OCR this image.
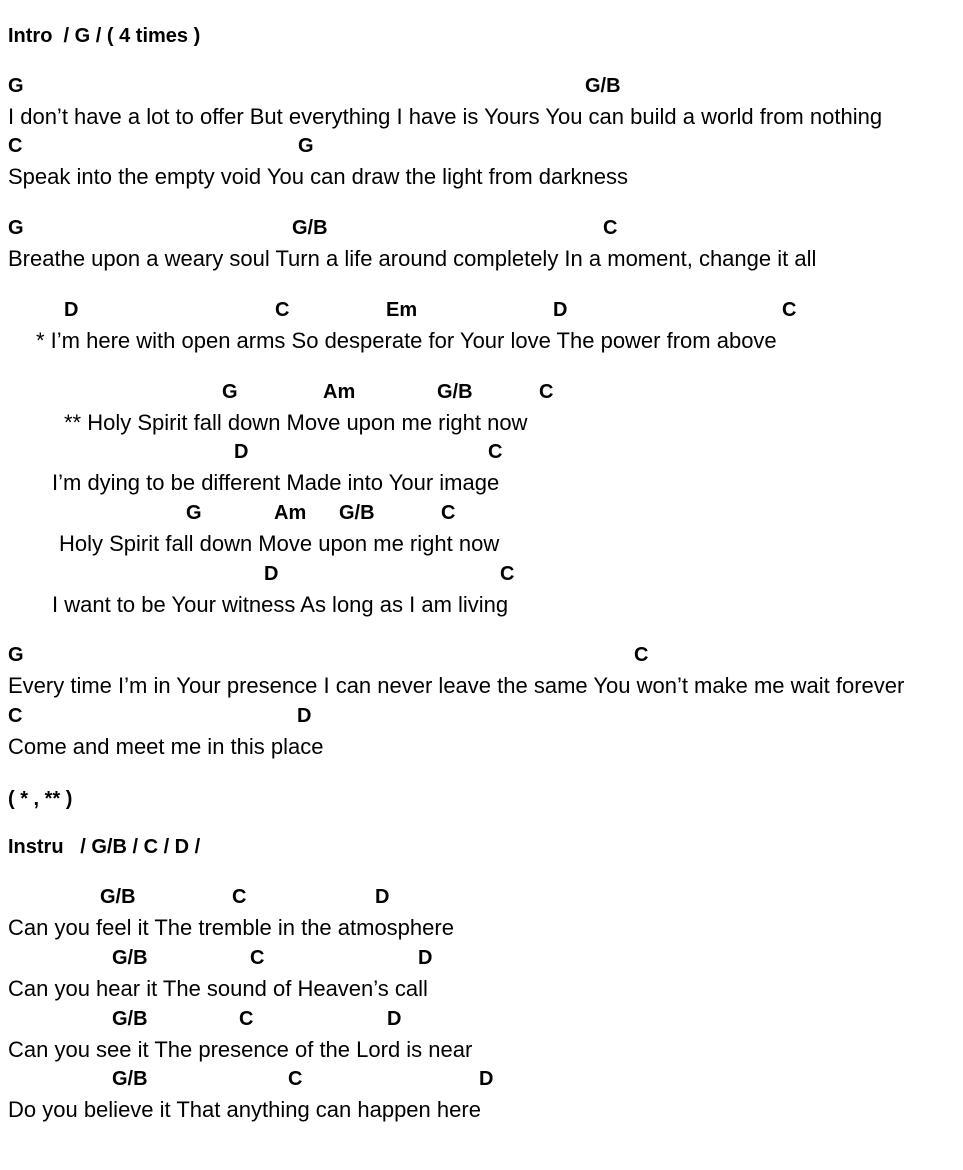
Intro  / G / ( 4 times )
G	G/B
I don’t have a lot to offer But everything I have is Yours You can build a world from nothing
C	G
Speak into the empty void You can draw the light from darkness
G	G/B	C
Breathe upon a weary soul Turn a life around completely In a moment, change it all
D	C	Em	D	C
* I’m here with open arms So desperate for Your love The power from above
G	Am	G/B	C
** Holy Spirit fall down Move upon me right now
D	C
I’m dying to be different Made into Your image
G	Am G/B	C
Holy Spirit fall down Move upon me right now
D	C
I want to be Your witness As long as I am living
G	C
Every time I’m in Your presence I can never leave the same You won’t make me wait forever
C	D
Come and meet me in this place
( * , ** )
Instru   / G/B / C / D /
G/B	C	D
Can you feel it The tremble in the atmosphere
G/B	C	D
Can you hear it The sound of Heaven’s call
G/B	C	D
Can you see it The presence of the Lord is near
G/B	C	D
Do you believe it That anything can happen here
